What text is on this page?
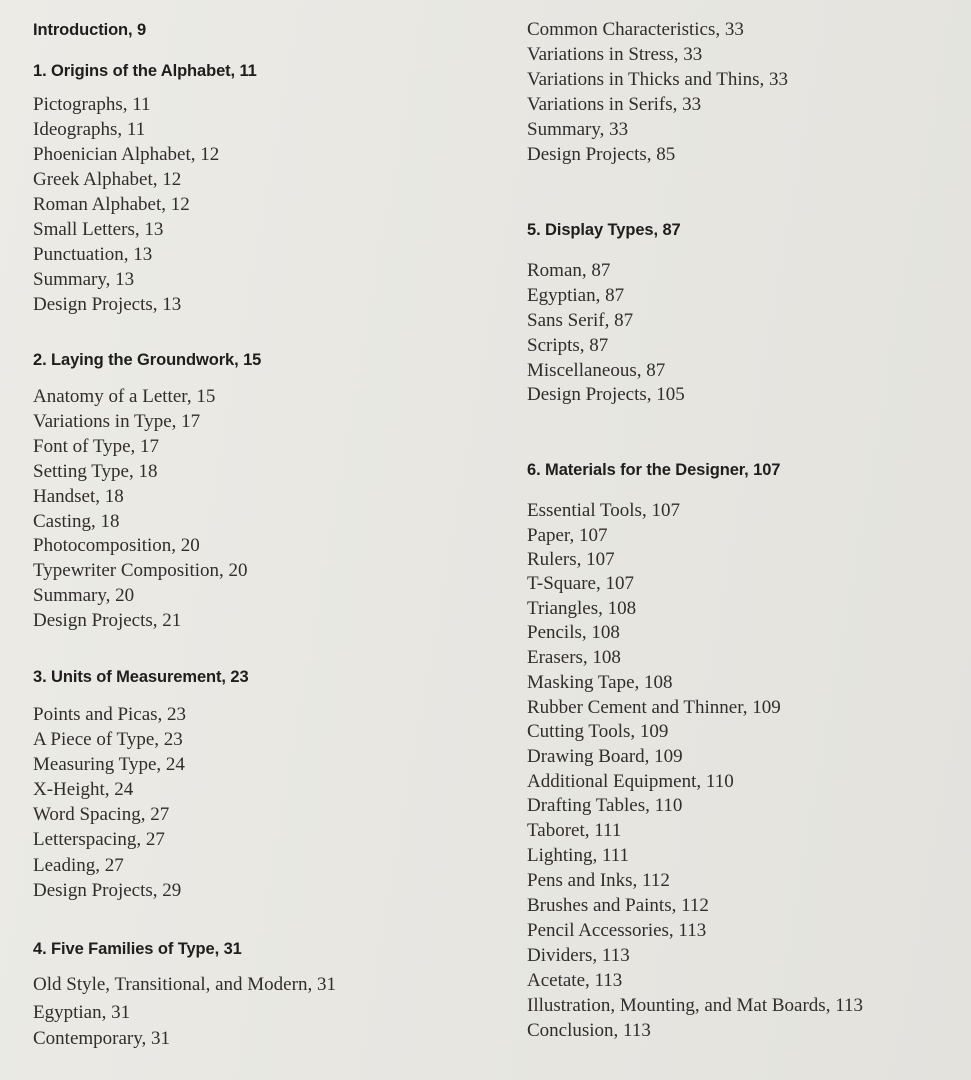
Introduction, 9
1. Origins of the Alphabet, 11
Pictographs, 11
Ideographs, 11
Phoenician Alphabet, 12
Greek Alphabet, 12
Roman Alphabet, 12
Small Letters, 13
Punctuation, 13
Summary, 13
Design Projects, 13
2. Laying the Groundwork, 15
Anatomy of a Letter, 15
Variations in Type, 17
Font of Type, 17
Setting Type, 18
Handset, 18
Casting, 18
Photocomposition, 20
Typewriter Composition, 20
Summary, 20
Design Projects, 21
3. Units of Measurement, 23
Points and Picas, 23
A Piece of Type, 23
Measuring Type, 24
X-Height, 24
Word Spacing, 27
Letterspacing, 27
Leading, 27
Design Projects, 29
4. Five Families of Type, 31
Old Style, Transitional, and Modern, 31
Egyptian, 31
Contemporary, 31
Common Characteristics, 33
Variations in Stress, 33
Variations in Thicks and Thins, 33
Variations in Serifs, 33
Summary, 33
Design Projects, 85
5. Display Types, 87
Roman, 87
Egyptian, 87
Sans Serif, 87
Scripts, 87
Miscellaneous, 87
Design Projects, 105
6. Materials for the Designer, 107
Essential Tools, 107
Paper, 107
Rulers, 107
T-Square, 107
Triangles, 108
Pencils, 108
Erasers, 108
Masking Tape, 108
Rubber Cement and Thinner, 109
Cutting Tools, 109
Drawing Board, 109
Additional Equipment, 110
Drafting Tables, 110
Taboret, 111
Lighting, 111
Pens and Inks, 112
Brushes and Paints, 112
Pencil Accessories, 113
Dividers, 113
Acetate, 113
Illustration, Mounting, and Mat Boards, 113
Conclusion, 113
